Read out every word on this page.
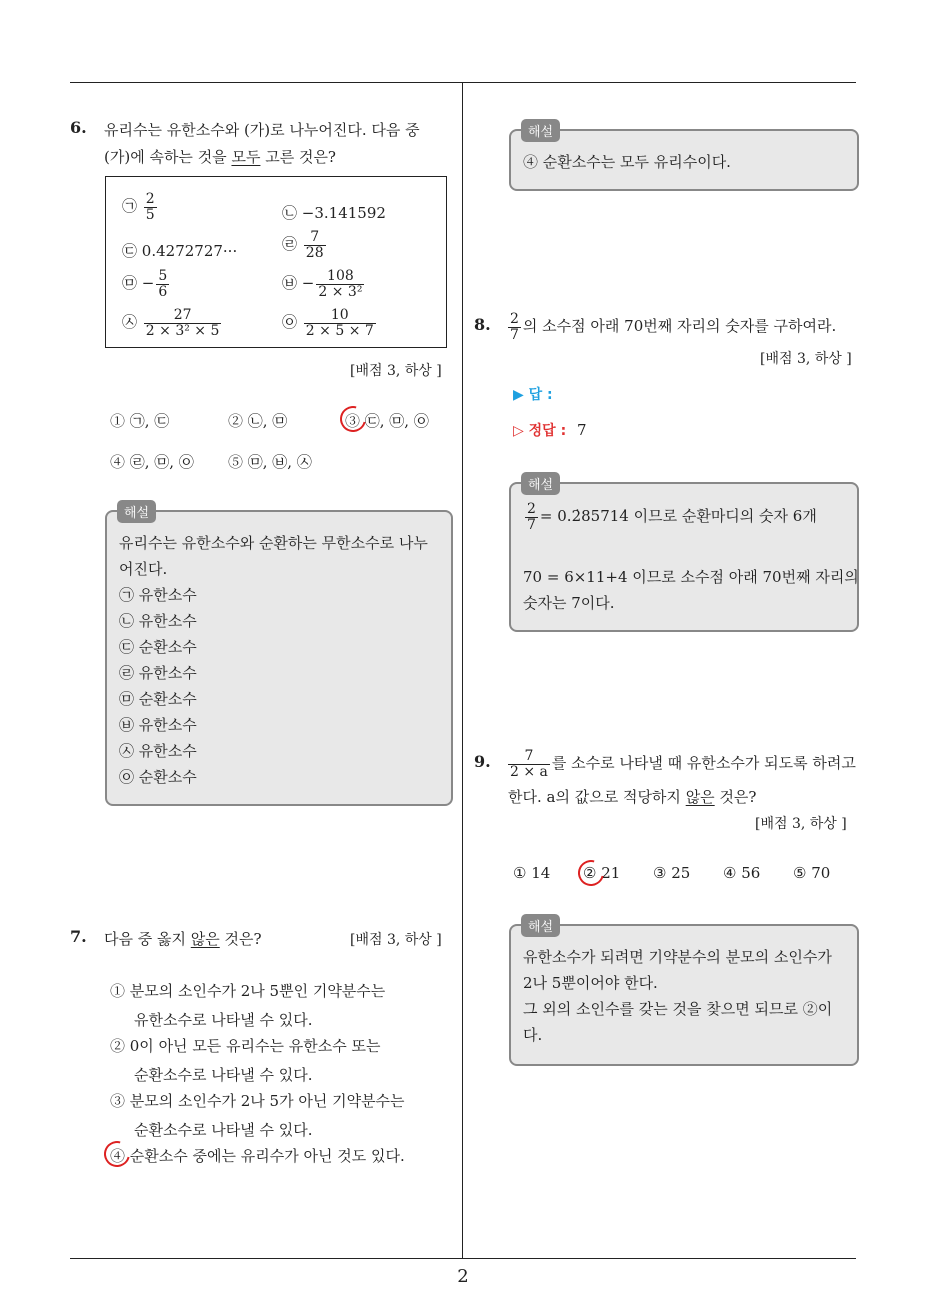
6. 유리수는 유한소수와 (가)로 나누어진다. 다음 중
(가)에 속하는 것을 모두 고른 것은?
㉠ $\frac{2}{5}$	㉡ −3.141592
㉢ 0.4272727···	㉣ $\frac{7}{28}$
㉤ − $\frac{5}{6}$	㉥ − $\frac{108}{\text{2 × 3²}}$
㉦ $\frac{27}{\text{2 × 3² × 5}}$	㉧ $\frac{10}{2 \times 5 \times 7}$
[배점 3, 하상 ]
① ㉠, ㉢	② ㉡, ㉤	③ ㉢, ㉤, ㉧
④ ㉣, ㉤, ㉧ ⑤ ㉤, ㉥, ㉦
해설
유리수는 유한소수와 순환하는 무한소수로 나누
어진다.
㉠ 유한소수
㉡ 유한소수
㉢ 순환소수
㉣ 유한소수
㉤ 순환소수
㉥ 유한소수
㉦ 유한소수
㉧ 순환소수
7. 다음 중 옳지 않은 것은?	[배점 3, 하상 ]
① 분모의 소인수가 2나 5뿐인 기약분수는
유한소수로 나타낼 수 있다.
② 0이 아닌 모든 유리수는 유한소수 또는
순환소수로 나타낼 수 있다.
③ 분모의 소인수가 2나 5가 아닌 기약분수는
순환소수로 나타낼 수 있다.
④ 순환소수 중에는 유리수가 아닌 것도 있다.
해설
④ 순환소수는 모두 유리수이다.
8. $\frac{2}{7}$ 의 소수점 아래 70번째 자리의 숫자를 구하여라.
[배점 3, 하상 ]
▶ 답 :
▷ 정답 : 7
해설
$\frac{2}{7}$ = 0.2̇85714̇ 이므로 순환마디의 숫자 6개
70 = 6×11+4 이므로 소수점 아래 70번째 자리의
숫자는 7이다.
9. $\frac{7}{2 \times a}$ 를 소수로 나타낼 때 유한소수가 되도록 하려고
한다. a의 값으로 적당하지 않은 것은?
[배점 3, 하상 ]
① 14 ② 21 ③ 25 ④ 56 ⑤ 70
해설
유한소수가 되려면 기약분수의 분모의 소인수가
2나 5뿐이어야 한다.
그 외의 소인수를 갖는 것을 찾으면 되므로 ②이
다.
2
